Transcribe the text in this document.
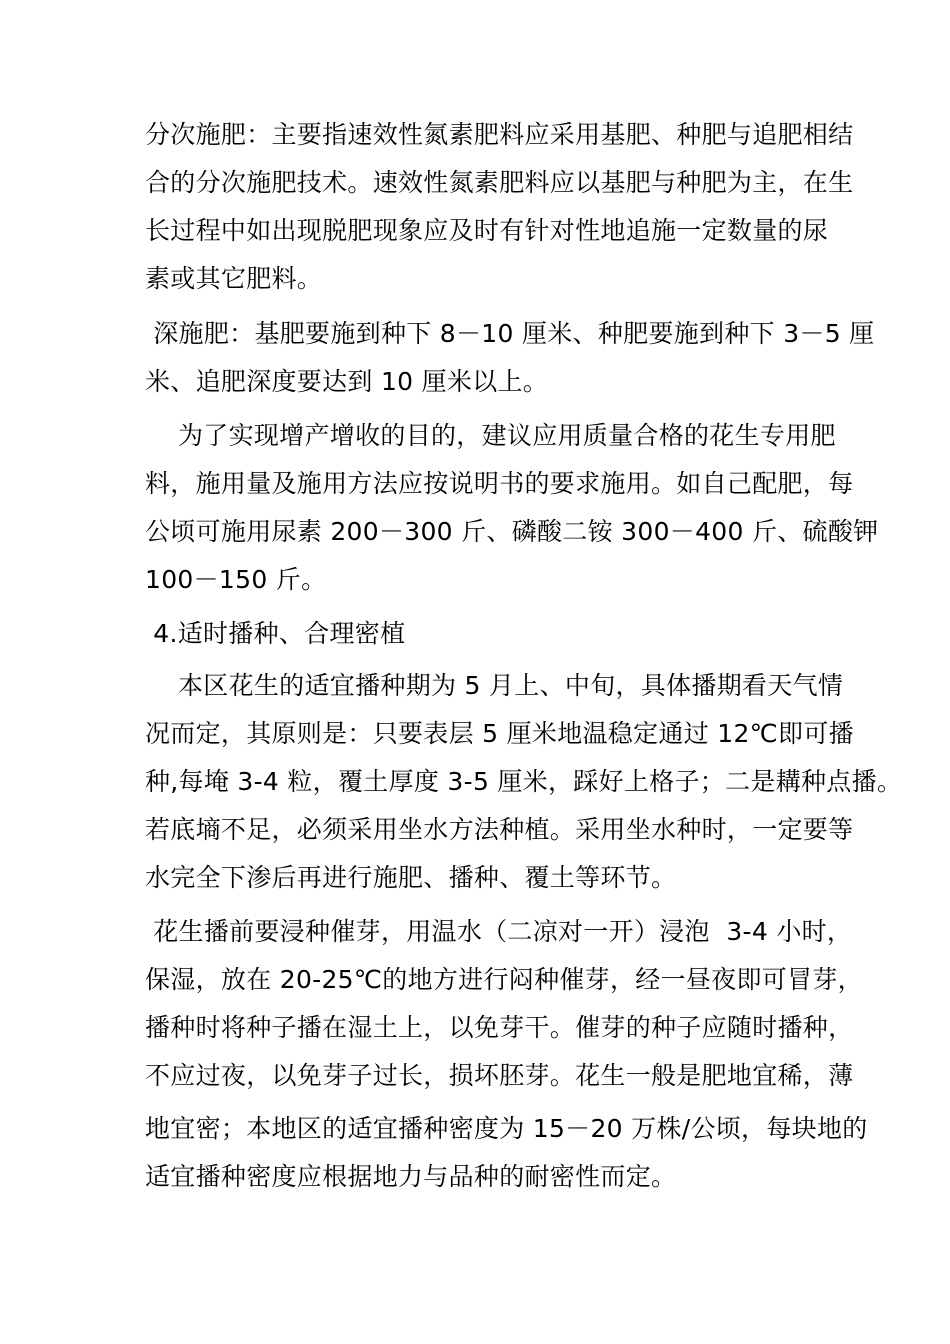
分次施肥：主要指速效性氮素肥料应采用基肥、种肥与追肥相结
合的分次施肥技术。速效性氮素肥料应以基肥与种肥为主，在生
长过程中如出现脱肥现象应及时有针对性地追施一定数量的尿
素或其它肥料。
深施肥：基肥要施到种下 8－10 厘米、种肥要施到种下 3－5 厘
米、追肥深度要达到 10 厘米以上。
为了实现增产增收的目的，建议应用质量合格的花生专用肥
料，施用量及施用方法应按说明书的要求施用。如自己配肥，每
公顷可施用尿素 200－300 斤、磷酸二铵 300－400 斤、硫酸钾
100－150 斤。
4.适时播种、合理密植
本区花生的适宜播种期为 5 月上、中旬，具体播期看天气情
况而定，其原则是：只要表层 5 厘米地温稳定通过 12℃即可播
种,每埯 3-4 粒，覆土厚度 3-5 厘米，踩好上格子；二是耩种点播。
若底墒不足，必须采用坐水方法种植。采用坐水种时，一定要等
水完全下渗后再进行施肥、播种、覆土等环节。
花生播前要浸种催芽，用温水（二凉对一开）浸泡  3-4 小时，
保湿，放在 20-25℃的地方进行闷种催芽，经一昼夜即可冒芽，
播种时将种子播在湿土上，以免芽干。催芽的种子应随时播种，
不应过夜，以免芽子过长，损坏胚芽。花生一般是肥地宜稀，薄
地宜密；本地区的适宜播种密度为 15－20 万株/公顷，每块地的
适宜播种密度应根据地力与品种的耐密性而定。
